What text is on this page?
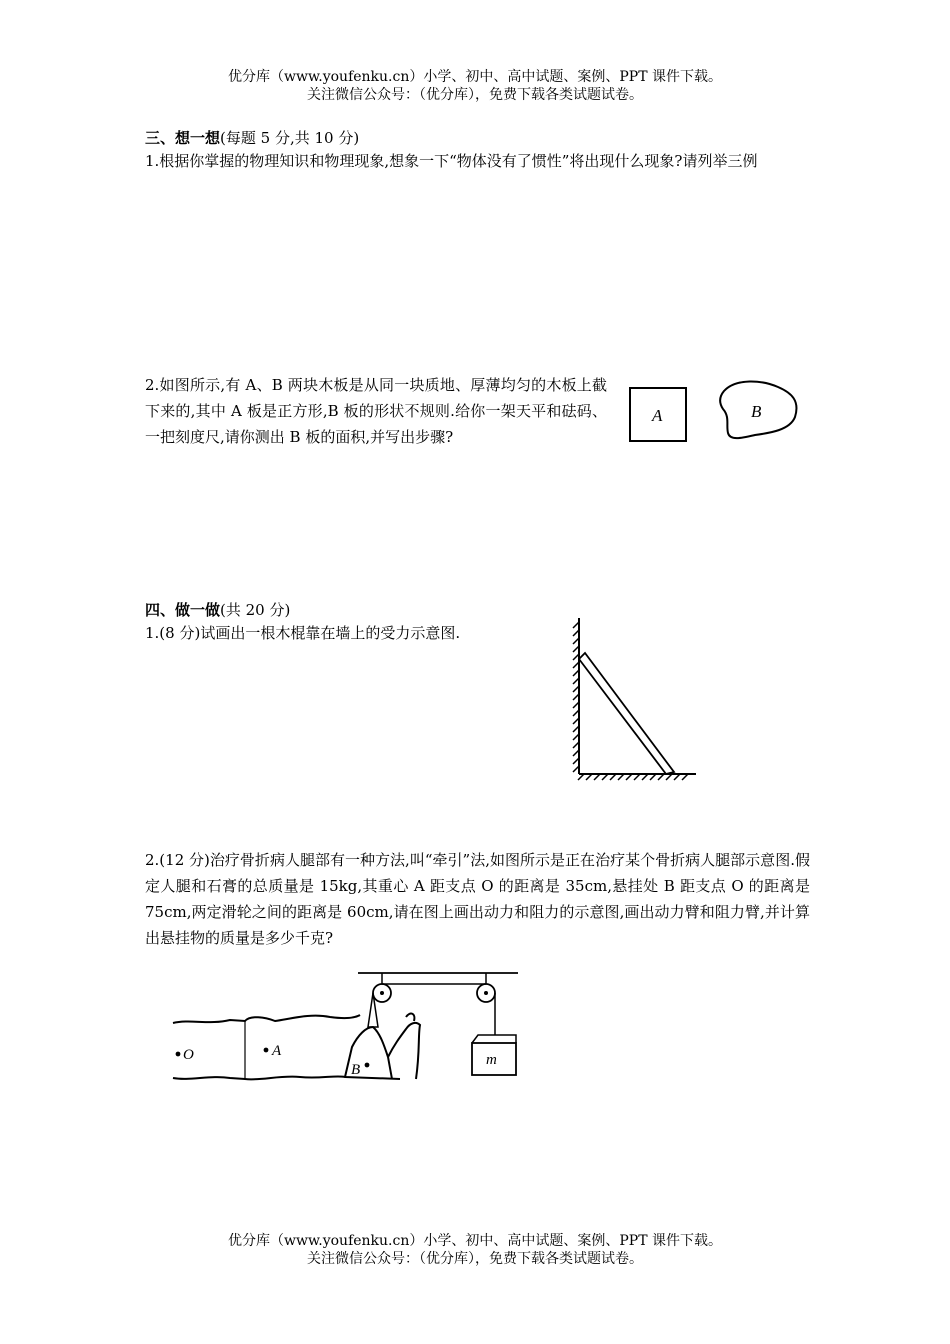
优分库（www.youfenku.cn）小学、初中、高中试题、案例、PPT 课件下载。
关注微信公众号：（优分库），免费下载各类试题试卷。
三、想一想(每题 5 分,共 10 分)
1.根据你掌握的物理知识和物理现象,想象一下“物体没有了惯性”将出现什么现象?请列举三例
2.如图所示,有 A、B 两块木板是从同一块质地、厚薄均匀的木板上截下来的,其中 A 板是正方形,B 板的形状不规则.给你一架天平和砝码、一把刻度尺,请你测出 B 板的面积,并写出步骤?
A	B
四、做一做(共 20 分)
1.(8 分)试画出一根木棍靠在墙上的受力示意图.
2.(12 分)治疗骨折病人腿部有一种方法,叫“牵引”法,如图所示是正在治疗某个骨折病人腿部示意图.假定人腿和石膏的总质量是 15kg,其重心 A 距支点 O 的距离是 35cm,悬挂处 B 距支点 O 的距离是 75cm,两定滑轮之间的距离是 60cm,请在图上画出动力和阻力的示意图,画出动力臂和阻力臂,并计算出悬挂物的质量是多少千克?
m
O	A
B
优分库（www.youfenku.cn）小学、初中、高中试题、案例、PPT 课件下载。
关注微信公众号：（优分库），免费下载各类试题试卷。
